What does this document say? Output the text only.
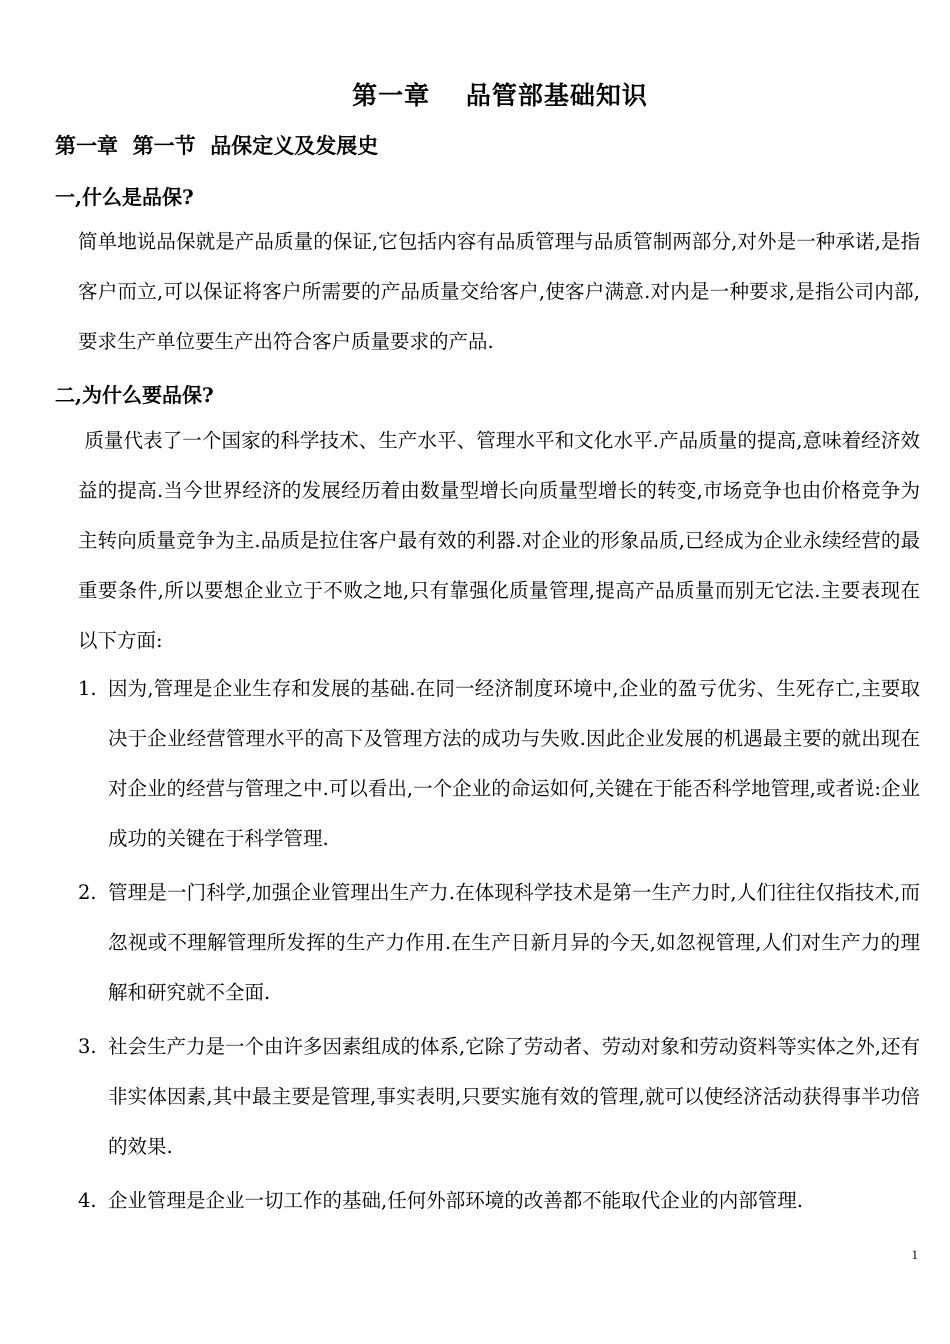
第一章　 品管部基础知识
第一章  第一节  品保定义及发展史
一,什么是品保?
简单地说品保就是产品质量的保证,它包括内容有品质管理与品质管制两部分,对外是一种承诺,是指客户而立,可以保证将客户所需要的产品质量交给客户,使客户满意.对内是一种要求,是指公司内部,要求生产单位要生产出符合客户质量要求的产品.
二,为什么要品保?
质量代表了一个国家的科学技术、生产水平、管理水平和文化水平.产品质量的提高,意味着经济效益的提高.当今世界经济的发展经历着由数量型增长向质量型增长的转变,市场竞争也由价格竞争为主转向质量竞争为主.品质是拉住客户最有效的利器.对企业的形象品质,已经成为企业永续经营的最重要条件,所以要想企业立于不败之地,只有靠强化质量管理,提高产品质量而别无它法.主要表现在以下方面:
1. 因为,管理是企业生存和发展的基础.在同一经济制度环境中,企业的盈亏优劣、生死存亡,主要取决于企业经营管理水平的高下及管理方法的成功与失败.因此企业发展的机遇最主要的就出现在对企业的经营与管理之中.可以看出,一个企业的命运如何,关键在于能否科学地管理,或者说:企业成功的关键在于科学管理.
2. 管理是一门科学,加强企业管理出生产力.在体现科学技术是第一生产力时,人们往往仅指技术,而忽视或不理解管理所发挥的生产力作用.在生产日新月异的今天,如忽视管理,人们对生产力的理解和研究就不全面.
3. 社会生产力是一个由许多因素组成的体系,它除了劳动者、劳动对象和劳动资料等实体之外,还有非实体因素,其中最主要是管理,事实表明,只要实施有效的管理,就可以使经济活动获得事半功倍的效果.
4. 企业管理是企业一切工作的基础,任何外部环境的改善都不能取代企业的内部管理.
1
